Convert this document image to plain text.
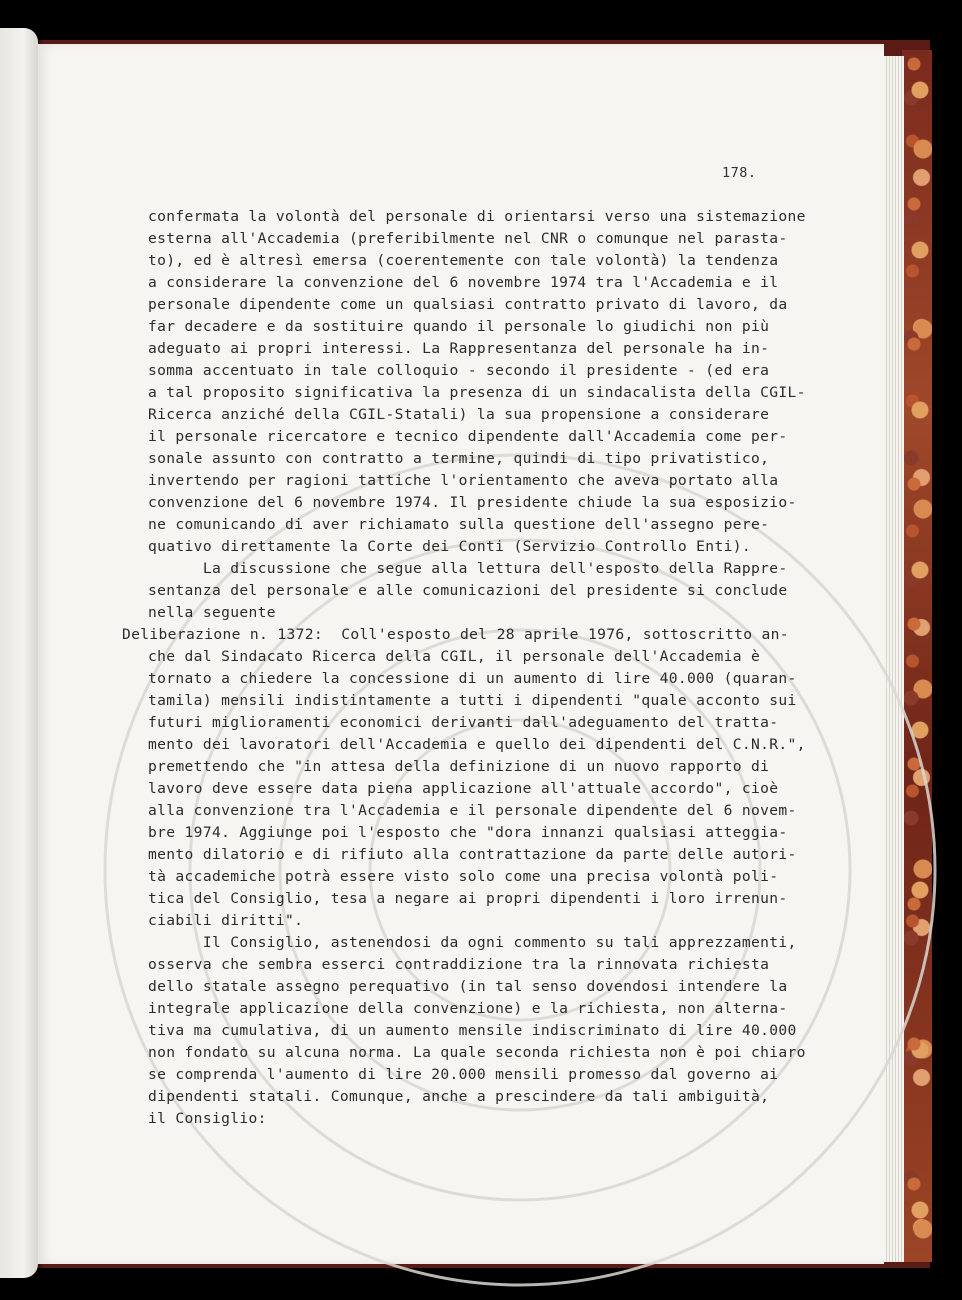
178.
confermata la volontà del personale di orientarsi verso una sistemazione
esterna all'Accademia (preferibilmente nel CNR o comunque nel parasta-
to), ed è altresì emersa (coerentemente con tale volontà) la tendenza
a considerare la convenzione del 6 novembre 1974 tra l'Accademia e il
personale dipendente come un qualsiasi contratto privato di lavoro, da
far decadere e da sostituire quando il personale lo giudichi non più
adeguato ai propri interessi. La Rappresentanza del personale ha in-
somma accentuato in tale colloquio - secondo il presidente - (ed era
a tal proposito significativa la presenza di un sindacalista della CGIL-
Ricerca anziché della CGIL-Statali) la sua propensione a considerare
il personale ricercatore e tecnico dipendente dall'Accademia come per-
sonale assunto con contratto a termine, quindi di tipo privatistico,
invertendo per ragioni tattiche l'orientamento che aveva portato alla
convenzione del 6 novembre 1974. Il presidente chiude la sua esposizio-
ne comunicando di aver richiamato sulla questione dell'assegno pere-
quativo direttamente la Corte dei Conti (Servizio Controllo Enti).
La discussione che segue alla lettura dell'esposto della Rappre-
sentanza del personale e alle comunicazioni del presidente si conclude
nella seguente
Deliberazione n. 1372:  Coll'esposto del 28 aprile 1976, sottoscritto an-
che dal Sindacato Ricerca della CGIL, il personale dell'Accademia è
tornato a chiedere la concessione di un aumento di lire 40.000 (quaran-
tamila) mensili indistintamente a tutti i dipendenti "quale acconto sui
futuri miglioramenti economici derivanti dall'adeguamento del tratta-
mento dei lavoratori dell'Accademia e quello dei dipendenti del C.N.R.",
premettendo che "in attesa della definizione di un nuovo rapporto di
lavoro deve essere data piena applicazione all'attuale accordo", cioè
alla convenzione tra l'Accademia e il personale dipendente del 6 novem-
bre 1974. Aggiunge poi l'esposto che "dora innanzi qualsiasi atteggia-
mento dilatorio e di rifiuto alla contrattazione da parte delle autori-
tà accademiche potrà essere visto solo come una precisa volontà poli-
tica del Consiglio, tesa a negare ai propri dipendenti i loro irrenun-
ciabili diritti".
Il Consiglio, astenendosi da ogni commento su tali apprezzamenti,
osserva che sembra esserci contraddizione tra la rinnovata richiesta
dello statale assegno perequativo (in tal senso dovendosi intendere la
integrale applicazione della convenzione) e la richiesta, non alterna-
tiva ma cumulativa, di un aumento mensile indiscriminato di lire 40.000
non fondato su alcuna norma. La quale seconda richiesta non è poi chiaro
se comprenda l'aumento di lire 20.000 mensili promesso dal governo ai
dipendenti statali. Comunque, anche a prescindere da tali ambiguità,
il Consiglio:
